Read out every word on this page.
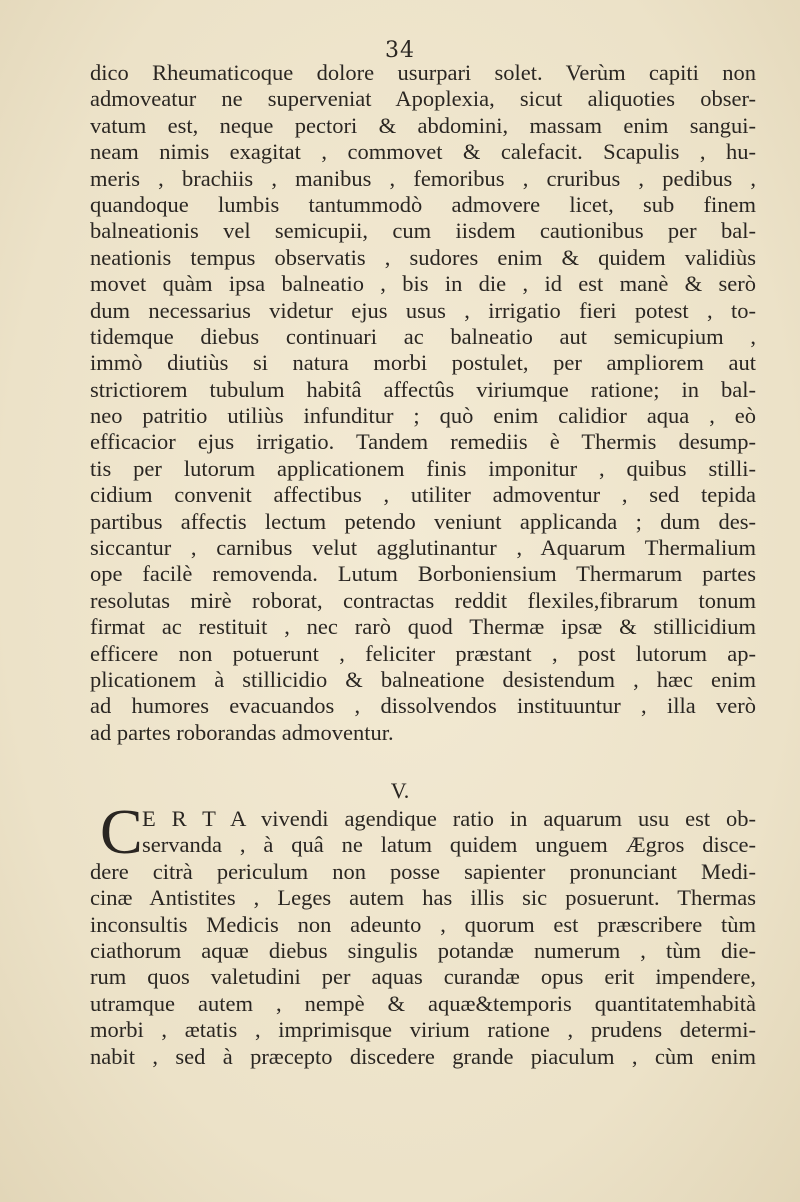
34
dico Rheumaticoque dolore usurpari solet. Verùm capiti non
admoveatur ne superveniat Apoplexia, sicut aliquoties obser-
vatum est, neque pectori & abdomini, massam enim sangui-
neam nimis exagitat , commovet & calefacit. Scapulis , hu-
meris , brachiis , manibus , femoribus , cruribus , pedibus ,
quandoque lumbis tantummodò admovere licet, sub finem
balneationis vel semicupii, cum iisdem cautionibus per bal-
neationis tempus observatis , sudores enim & quidem validiùs
movet quàm ipsa balneatio , bis in die , id est manè & serò
dum necessarius videtur ejus usus , irrigatio fieri potest , to-
tidemque diebus continuari ac balneatio aut semicupium ,
immò diutiùs si natura morbi postulet, per ampliorem aut
strictiorem tubulum habitâ affectûs viriumque ratione; in bal-
neo patritio utiliùs infunditur ; quò enim calidior aqua , eò
efficacior ejus irrigatio. Tandem remediis è Thermis desump-
tis per lutorum applicationem finis imponitur , quibus stilli-
cidium convenit affectibus , utiliter admoventur , sed tepida
partibus affectis lectum petendo veniunt applicanda ; dum des-
siccantur , carnibus velut agglutinantur , Aquarum Thermalium
ope facilè removenda. Lutum Borboniensium Thermarum partes
resolutas mirè roborat, contractas reddit flexiles,fibrarum tonum
firmat ac restituit , nec rarò quod Thermæ ipsæ & stillicidium
efficere non potuerunt , feliciter præstant , post lutorum ap-
plicationem à stillicidio & balneatione desistendum , hæc enim
ad humores evacuandos , dissolvendos instituuntur , illa verò
ad partes roborandas admoventur.
V.
C E R T A vivendi agendique ratio in aquarum usu est ob-
servanda , à quâ ne latum quidem unguem Ægros disce-
dere citrà periculum non posse sapienter pronunciant Medi-
cinæ Antistites , Leges autem has illis sic posuerunt. Thermas
inconsultis Medicis non adeunto , quorum est præscribere tùm
ciathorum aquæ diebus singulis potandæ numerum , tùm die-
rum quos valetudini per aquas curandæ opus erit impendere,
utramque autem , nempè & aquæ&temporis quantitatemhabità
morbi , ætatis , imprimisque virium ratione , prudens determi-
nabit , sed à præcepto discedere grande piaculum , cùm enim
